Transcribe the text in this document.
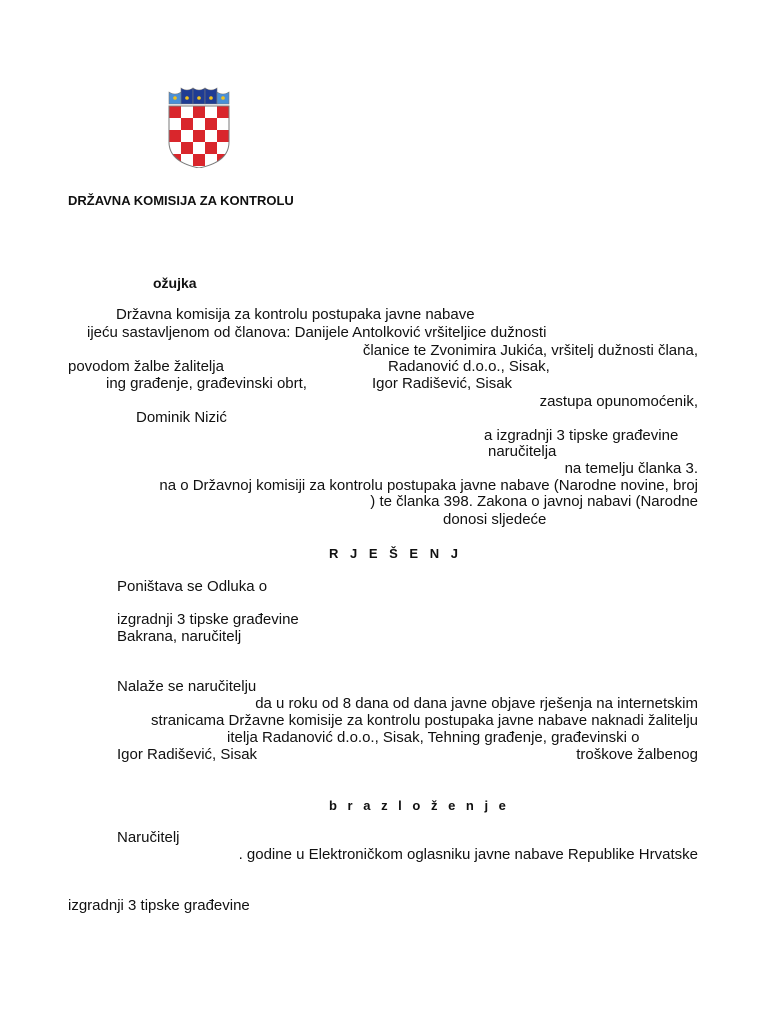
DRŽAVNA KOMISIJA ZA KONTROLU

ožujka

Državna komisija za kontrolu postupaka javne nabave

ijeću sastavljenom od članova: Danijele Antolković vršiteljice dužnosti

članice te Zvonimira Jukića, vršitelj dužnosti člana,

povodom žalbe žalitelja	Radanović d.o.o., Sisak,

ing građenje, građevinski obrt,	Igor Radišević, Sisak

zastupa opunomoćenik,

Dominik Nizić

a izgradnji 3 tipske građevine

naručitelja

na temelju članka 3.

na o Državnoj komisiji za kontrolu postupaka javne nabave (Narodne novine, broj

) te članka 398. Zakona o javnoj nabavi (Narodne

donosi sljedeće

R J E Š E N J

Poništava se Odluka o

izgradnji 3 tipske građevine

Bakrana, naručitelj

Nalaže se naručitelju

da u roku od 8 dana od dana javne objave rješenja na internetskim

stranicama Državne komisije za kontrolu postupaka javne nabave naknadi žalitelju

itelja Radanović d.o.o., Sisak, Tehning građenje, građevinski o

Igor Radišević, Sisak	troškove žalbenog

b r a z l o ž e n j e

Naručitelj

. godine u Elektroničkom oglasniku javne nabave Republike Hrvatske

izgradnji 3 tipske građevine
